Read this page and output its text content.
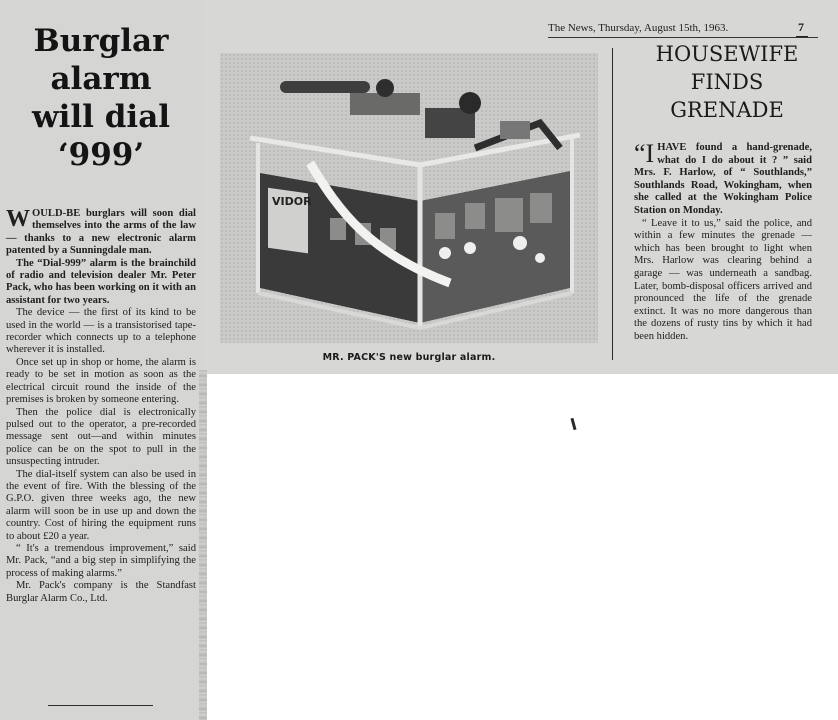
Burglar
alarm
will dial
‘999’

WOULD-BE burglars will soon dial themselves into the arms of the law — thanks to a new electronic alarm patented by a Sunningdale man.

The “Dial-999” alarm is the brainchild of radio and television dealer Mr. Peter Pack, who has been working on it with an assistant for two years.

The device — the first of its kind to be used in the world — is a transistorised tape-recorder which connects up to a telephone wherever it is installed.

Once set up in shop or home, the alarm is ready to be set in motion as soon as the electrical circuit round the inside of the premises is broken by someone entering.

Then the police dial is electronically pulsed out to the operator, a pre-recorded message sent out—and within minutes police can be on the spot to pull in the unsuspecting intruder.

The dial-itself system can also be used in the event of fire. With the blessing of the G.P.O. given three weeks ago, the new alarm will soon be in use up and down the country. Cost of hiring the equipment runs to about £20 a year.

“ It's a tremendous improvement,” said Mr. Pack, “and a big step in simplifying the process of making alarms.”

Mr. Pack's company is the Standfast Burglar Alarm Co., Ltd.

The News, Thursday, August 15th, 1963.	7
VIDOR
MR. PACK'S new burglar alarm.
HOUSEWIFE
FINDS
GRENADE

“IHAVE found a hand-grenade, what do I do about it ? ” said Mrs. F. Harlow, of “ Southlands,” Southlands Road, Wokingham, when she called at the Wokingham Police Station on Monday.

“ Leave it to us,” said the police, and within a few minutes the grenade — which has been brought to light when Mrs. Harlow was clearing behind a garage — was underneath a sandbag. Later, bomb-disposal officers arrived and pronounced the life of the grenade extinct. It was no more dangerous than the dozens of rusty tins by which it had been hidden.
